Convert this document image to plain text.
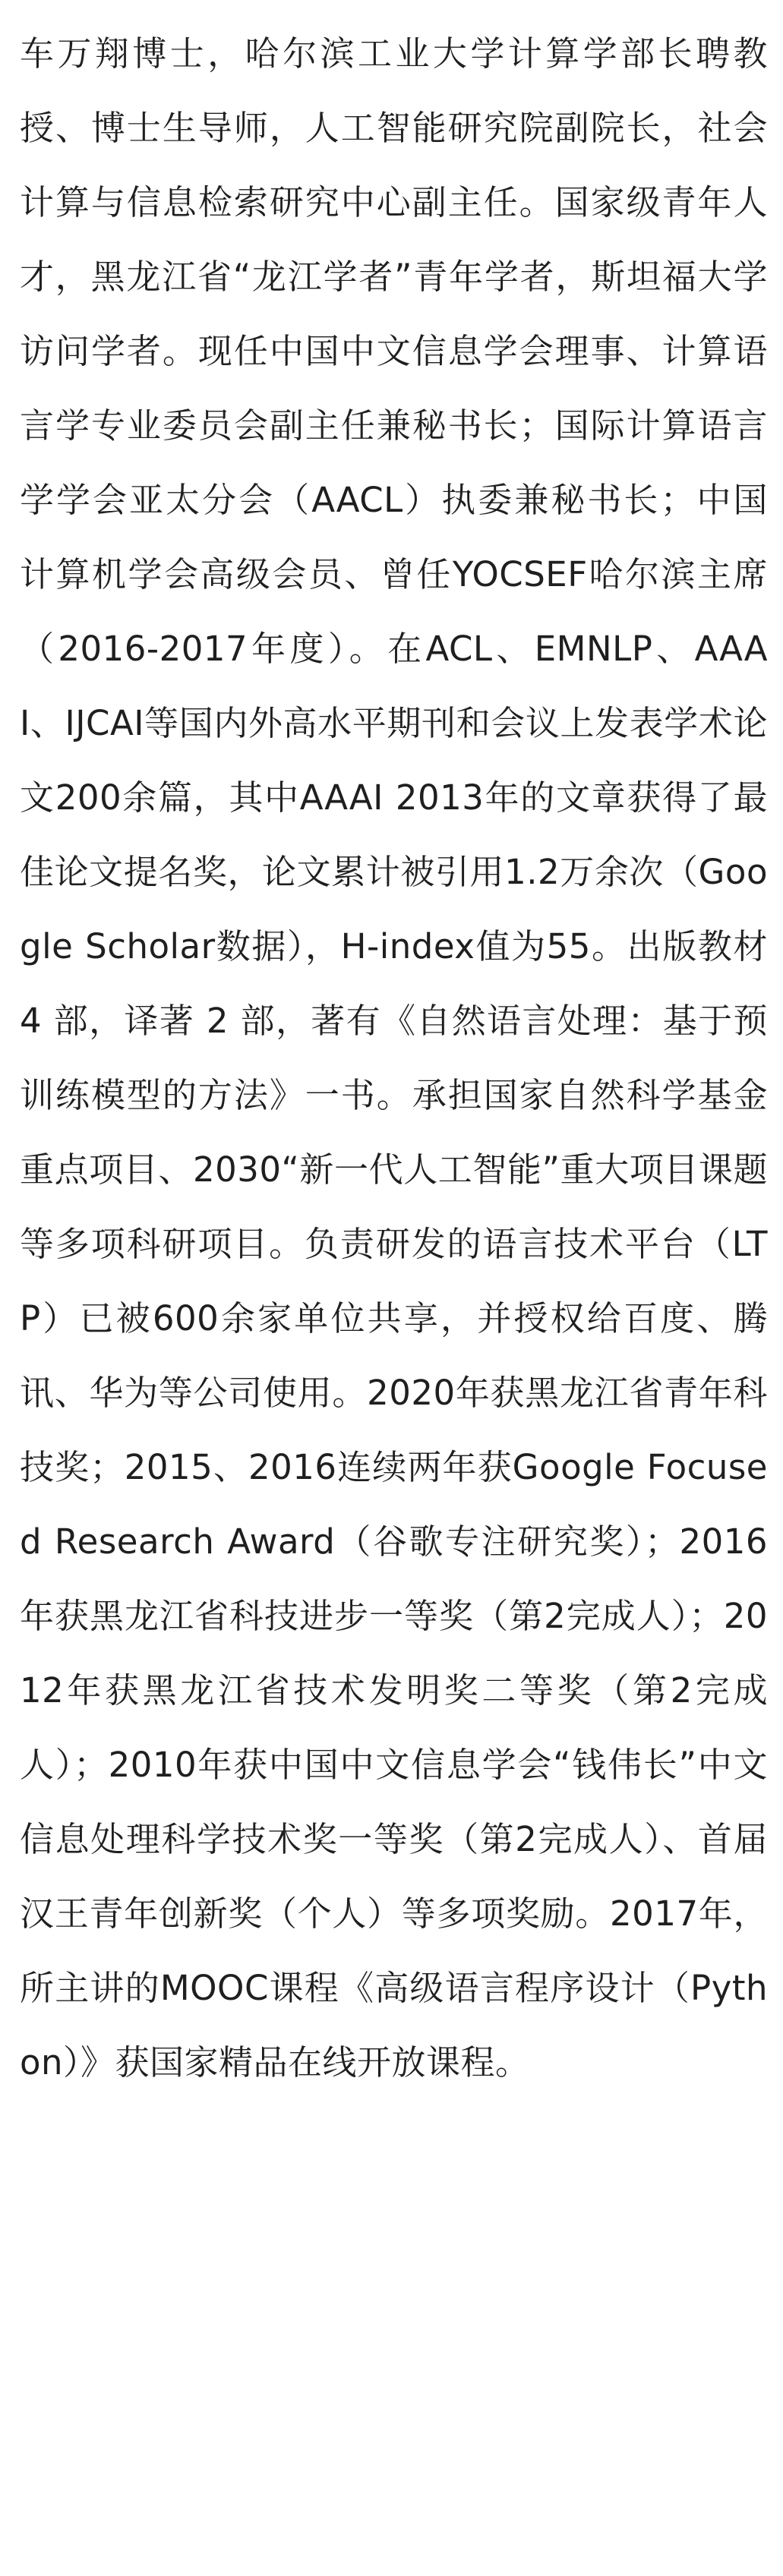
车万翔博士，哈尔滨工业大学计算学部长聘教授、博士生导师，人工智能研究院副院长，社会计算与信息检索研究中心副主任。国家级青年人才，黑龙江省“龙江学者”青年学者，斯坦福大学访问学者。现任中国中文信息学会理事、计算语言学专业委员会副主任兼秘书长；国际计算语言学学会亚太分会（AACL）执委兼秘书长；中国计算机学会高级会员、曾任YOCSEF哈尔滨主席（2016-2017年度）。在ACL、EMNLP、AAAI、IJCAI等国内外高水平期刊和会议上发表学术论文200余篇，其中AAAI 2013年的文章获得了最佳论文提名奖，论文累计被引用1.2万余次（Google Scholar数据），H-index值为55。出版教材 4 部，译著 2 部，著有《自然语言处理：基于预训练模型的方法》一书。承担国家自然科学基金重点项目、2030“新一代人工智能”重大项目课题等多项科研项目。负责研发的语言技术平台（LTP）已被600余家单位共享，并授权给百度、腾讯、华为等公司使用。2020年获黑龙江省青年科技奖；2015、2016连续两年获Google Focused Research Award（谷歌专注研究奖）；2016年获黑龙江省科技进步一等奖（第2完成人）；2012年获黑龙江省技术发明奖二等奖（第2完成人）；2010年获中国中文信息学会“钱伟长”中文信息处理科学技术奖一等奖（第2完成人）、首届汉王青年创新奖（个人）等多项奖励。2017年，所主讲的MOOC课程《高级语言程序设计（Python）》获国家精品在线开放课程。
